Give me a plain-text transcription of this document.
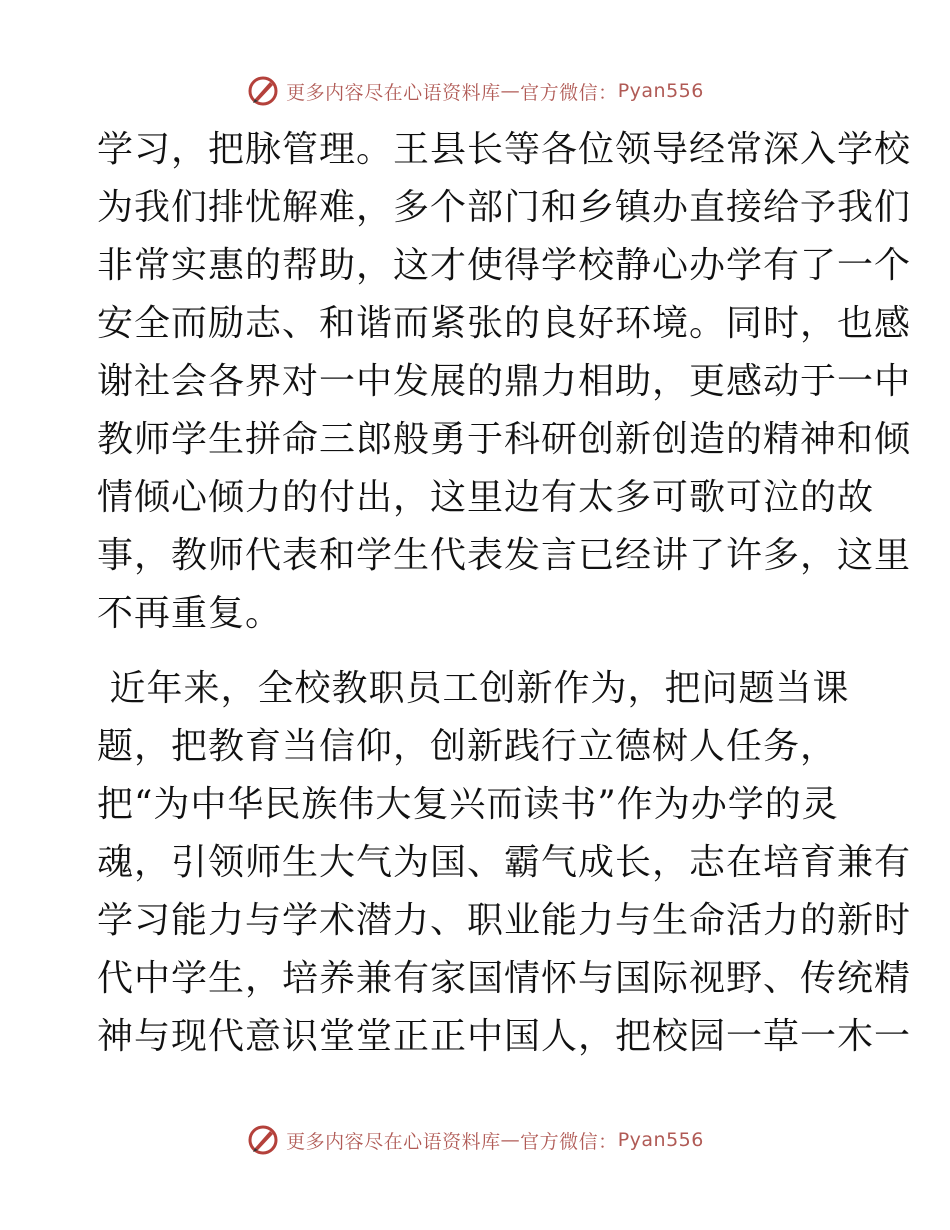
更多内容尽在心语资料库 — 官方微信： Pyan556
学习，把脉管理。王县长等各位领导经常深入学校
为我们排忧解难，多个部门和乡镇办直接给予我们
非常实惠的帮助，这才使得学校静心办学有了一个
安全而励志、和谐而紧张的良好环境。同时，也感
谢社会各界对一中发展的鼎力相助，更感动于一中
教师学生拼命三郎般勇于科研创新创造的精神和倾
情倾心倾力的付出，这里边有太多可歌可泣的故
事，教师代表和学生代表发言已经讲了许多，这里
不再重复。
近年来，全校教职员工创新作为，把问题当课
题，把教育当信仰，创新践行立德树人任务，
把“为中华民族伟大复兴而读书”作为办学的灵
魂，引领师生大气为国、霸气成长，志在培育兼有
学习能力与学术潜力、职业能力与生命活力的新时
代中学生，培养兼有家国情怀与国际视野、传统精
神与现代意识堂堂正正中国人，把校园一草一木一
更多内容尽在心语资料库 — 官方微信： Pyan556
